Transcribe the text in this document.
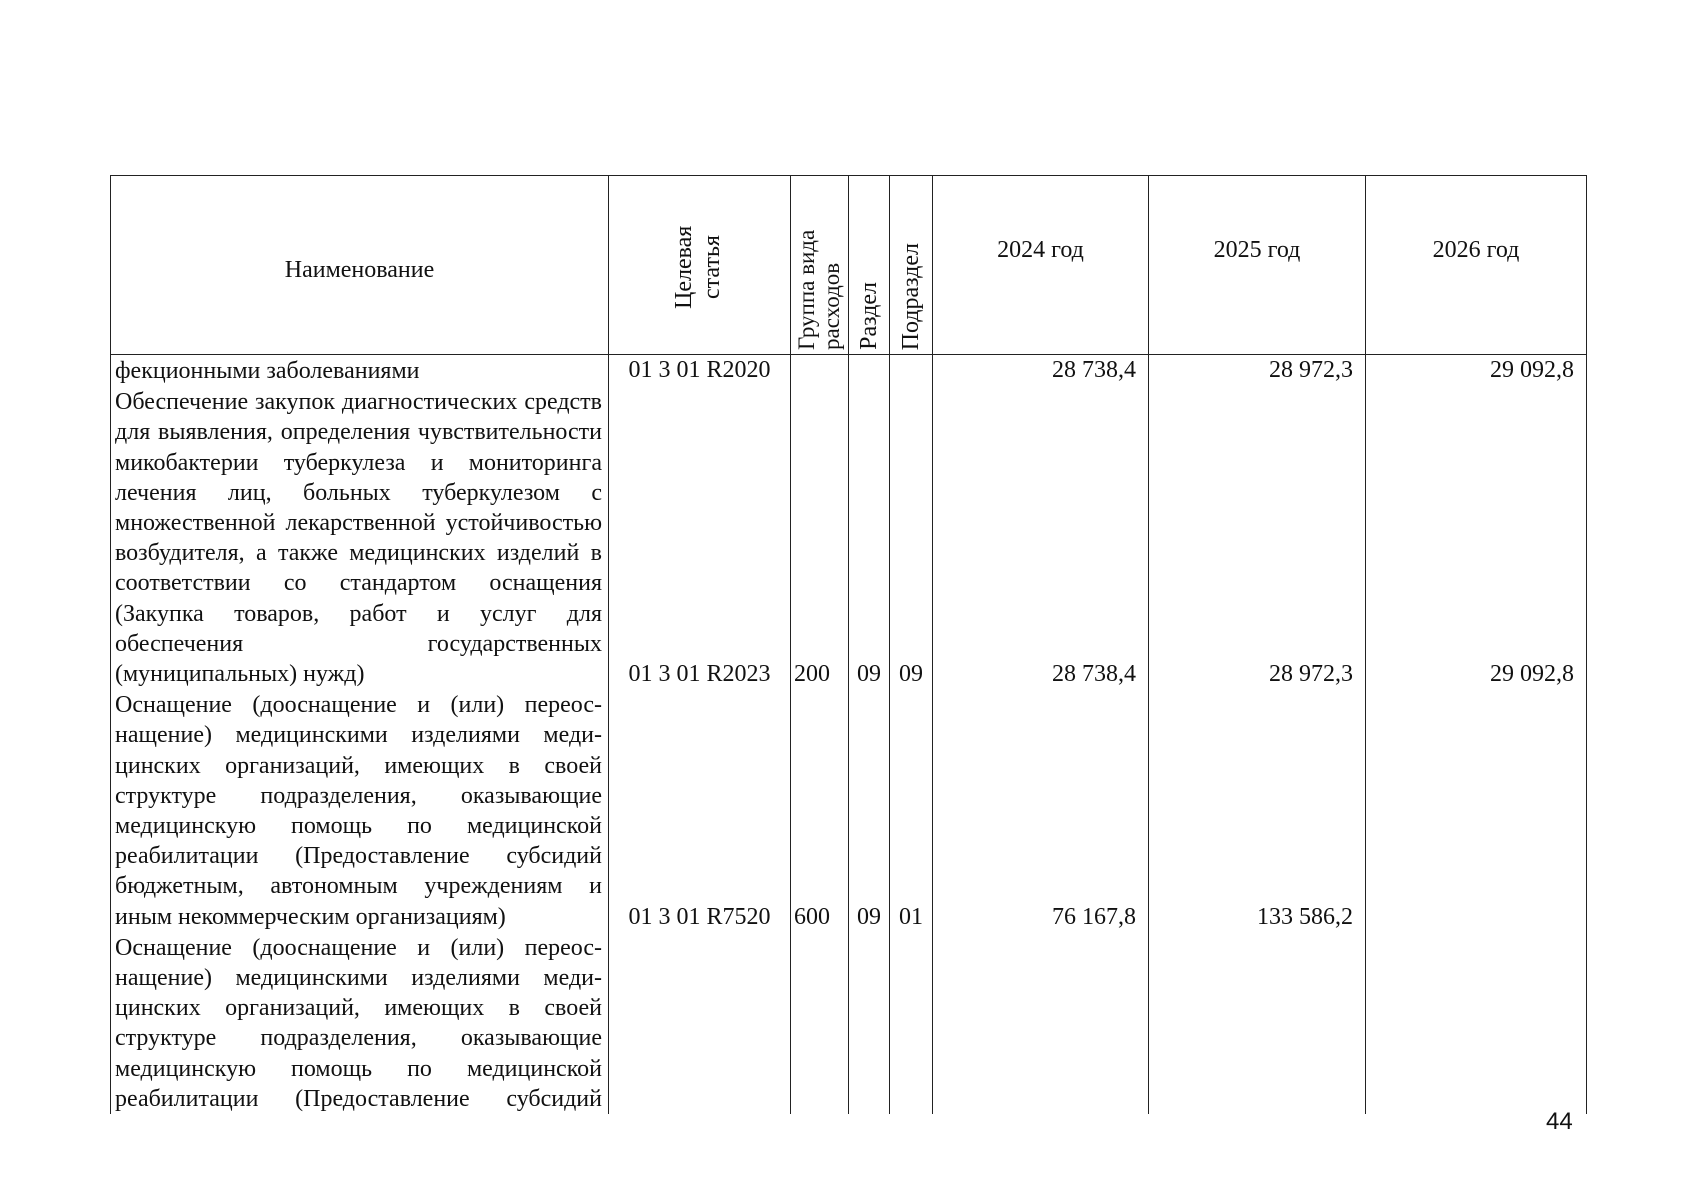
Наименование	Целевая статья	Группа вида расходов	Раздел	Подраздел	2024 год	2025 год	2026 год
фекционными заболеваниями	01 3 01 R2020				28 738,4	28 972,3	29 092,8
Обеспечение закупок диагностических средств для выявления, определения чувствительности микобактерии туберкулеза и мониторинга лечения лиц, больных туберкулезом с множественной лекарственной устойчивостью возбудителя, а также медицинских изделий в соответствии со стандартом оснащения (Закупка товаров, работ и услуг для обеспечения государственных (муниципальных) нужд)	01 3 01 R2023	200	09	09	28 738,4	28 972,3	29 092,8
Оснащение (дооснащение и (или) переоснащение) медицинскими изделиями медицинских организаций, имеющих в своей структуре подразделения, оказывающие медицинскую помощь по медицинской реабилитации (Предоставление субсидий бюджетным, автономным учреждениям и иным некоммерческим организациям)	01 3 01 R7520	600	09	01	76 167,8	133 586,2	
Оснащение (дооснащение и (или) переоснащение) медицинскими изделиями медицинских организаций, имеющих в своей структуре подразделения, оказывающие медицинскую помощь по медицинской реабилитации (Предоставление субсидий							
44
